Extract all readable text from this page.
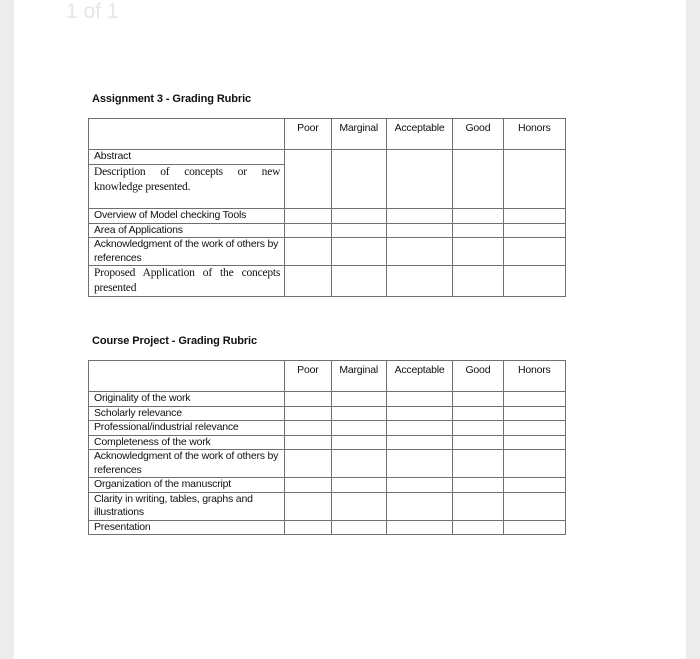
1 of 1
Assignment 3 - Grading Rubric
	Poor	Marginal	Acceptable	Good	Honors
Abstract					

Description of concepts or new knowledge presented.					

Overview of Model checking Tools					
Area of Applications					
Acknowledgment of the work of others by references					

Proposed Application of the concepts presented					

Course Project - Grading Rubric
	Poor	Marginal	Acceptable	Good	Honors
Originality of the work					
Scholarly relevance					
Professional/industrial relevance					
Completeness of the work					
Acknowledgment of the work of others by references					
Organization of the manuscript					
Clarity in writing, tables, graphs and illustrations					
Presentation					
